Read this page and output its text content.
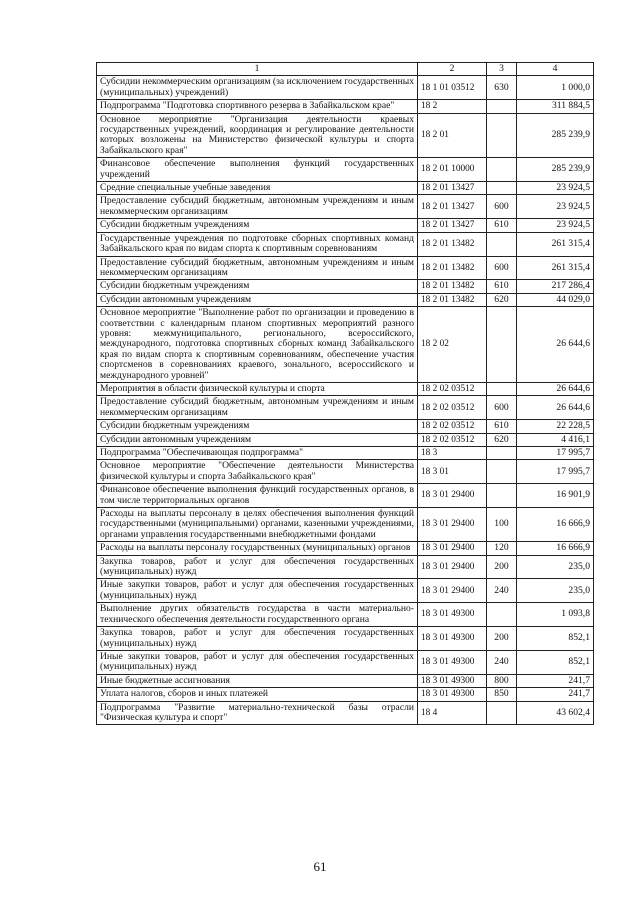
1	2	3	4
Субсидии некоммерческим организациям (за исключением государственных (муниципальных) учреждений)	18 1 01 03512	630	1 000,0
Подпрограмма "Подготовка спортивного резерва в Забайкальском крае"	18 2		311 884,5
Основное мероприятие "Организация деятельности краевых государственных учреждений, координация и регулирование деятельности которых возложены на Министерство физической культуры и спорта Забайкальского края"	18 2 01		285 239,9
Финансовое обеспечение выполнения функций государственных учреждений	18 2 01 10000		285 239,9
Средние специальные учебные заведения	18 2 01 13427		23 924,5
Предоставление субсидий бюджетным, автономным учреждениям и иным некоммерческим организациям	18 2 01 13427	600	23 924,5
Субсидии бюджетным учреждениям	18 2 01 13427	610	23 924,5
Государственные учреждения по подготовке сборных спортивных команд Забайкальского края по видам спорта к спортивным соревнованиям	18 2 01 13482		261 315,4
Предоставление субсидий бюджетным, автономным учреждениям и иным некоммерческим организациям	18 2 01 13482	600	261 315,4
Субсидии бюджетным учреждениям	18 2 01 13482	610	217 286,4
Субсидии автономным учреждениям	18 2 01 13482	620	44 029,0
Основное мероприятие "Выполнение работ по организации и проведению в соответствии с календарным планом спортивных мероприятий разного уровня: межмуниципального, регионального, всероссийского, международного, подготовка спортивных сборных команд Забайкальского края по видам спорта к спортивным соревнованиям, обеспечение участия спортсменов в соревнованиях краевого, зонального, всероссийского и международного уровней"	18 2 02		26 644,6
Мероприятия в области физической культуры и спорта	18 2 02 03512		26 644,6
Предоставление субсидий бюджетным, автономным учреждениям и иным некоммерческим организациям	18 2 02 03512	600	26 644,6
Субсидии бюджетным учреждениям	18 2 02 03512	610	22 228,5
Субсидии автономным учреждениям	18 2 02 03512	620	4 416,1
Подпрограмма "Обеспечивающая подпрограмма"	18 3		17 995,7
Основное мероприятие "Обеспечение деятельности Министерства физической культуры и спорта Забайкальского края"	18 3 01		17 995,7
Финансовое обеспечение выполнения функций государственных органов, в том числе территориальных органов	18 3 01 29400		16 901,9
Расходы на выплаты персоналу в целях обеспечения выполнения функций государственными (муниципальными) органами, казенными учреждениями, органами управления государственными внебюджетными фондами	18 3 01 29400	100	16 666,9
Расходы на выплаты персоналу государственных (муниципальных) органов	18 3 01 29400	120	16 666,9
Закупка товаров, работ и услуг для обеспечения государственных (муниципальных) нужд	18 3 01 29400	200	235,0
Иные закупки товаров, работ и услуг для обеспечения государственных (муниципальных) нужд	18 3 01 29400	240	235,0
Выполнение других обязательств государства в части материально-технического обеспечения деятельности государственного органа	18 3 01 49300		1 093,8
Закупка товаров, работ и услуг для обеспечения государственных (муниципальных) нужд	18 3 01 49300	200	852,1
Иные закупки товаров, работ и услуг для обеспечения государственных (муниципальных) нужд	18 3 01 49300	240	852,1
Иные бюджетные ассигнования	18 3 01 49300	800	241,7
Уплата налогов, сборов и иных платежей	18 3 01 49300	850	241,7
Подпрограмма "Развитие материально-технической базы отрасли "Физическая культура и спорт"	18 4		43 602,4
61
